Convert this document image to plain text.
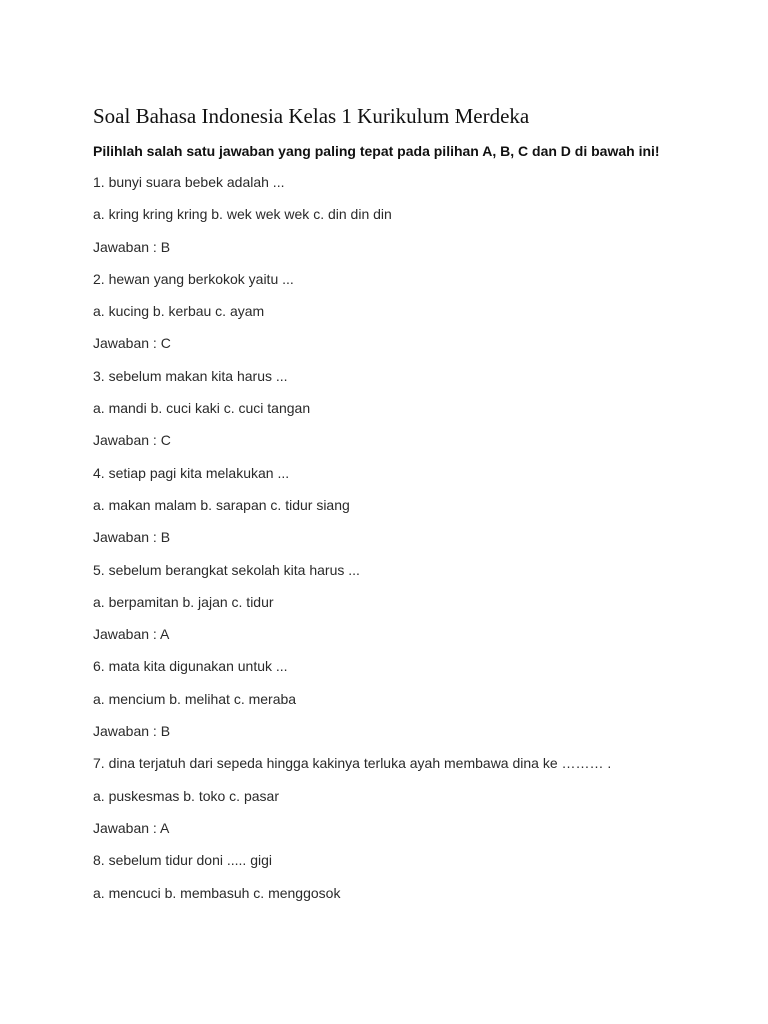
Soal Bahasa Indonesia Kelas 1 Kurikulum Merdeka

Pilihlah salah satu jawaban yang paling tepat pada pilihan A, B, C dan D di bawah ini!

1. bunyi suara bebek adalah ...
a. kring kring kring b. wek wek wek c. din din din
Jawaban : B
2. hewan yang berkokok yaitu ...
a. kucing b. kerbau c. ayam
Jawaban : C
3. sebelum makan kita harus ...
a. mandi b. cuci kaki c. cuci tangan
Jawaban : C
4. setiap pagi kita melakukan ...
a. makan malam b. sarapan c. tidur siang
Jawaban : B
5. sebelum berangkat sekolah kita harus ...
a. berpamitan b. jajan c. tidur
Jawaban : A
6. mata kita digunakan untuk ...
a. mencium b. melihat c. meraba
Jawaban : B
7. dina terjatuh dari sepeda hingga kakinya terluka ayah membawa dina ke ……… .
a. puskesmas b. toko c. pasar
Jawaban : A
8. sebelum tidur doni ..... gigi
a. mencuci b. membasuh c. menggosok
